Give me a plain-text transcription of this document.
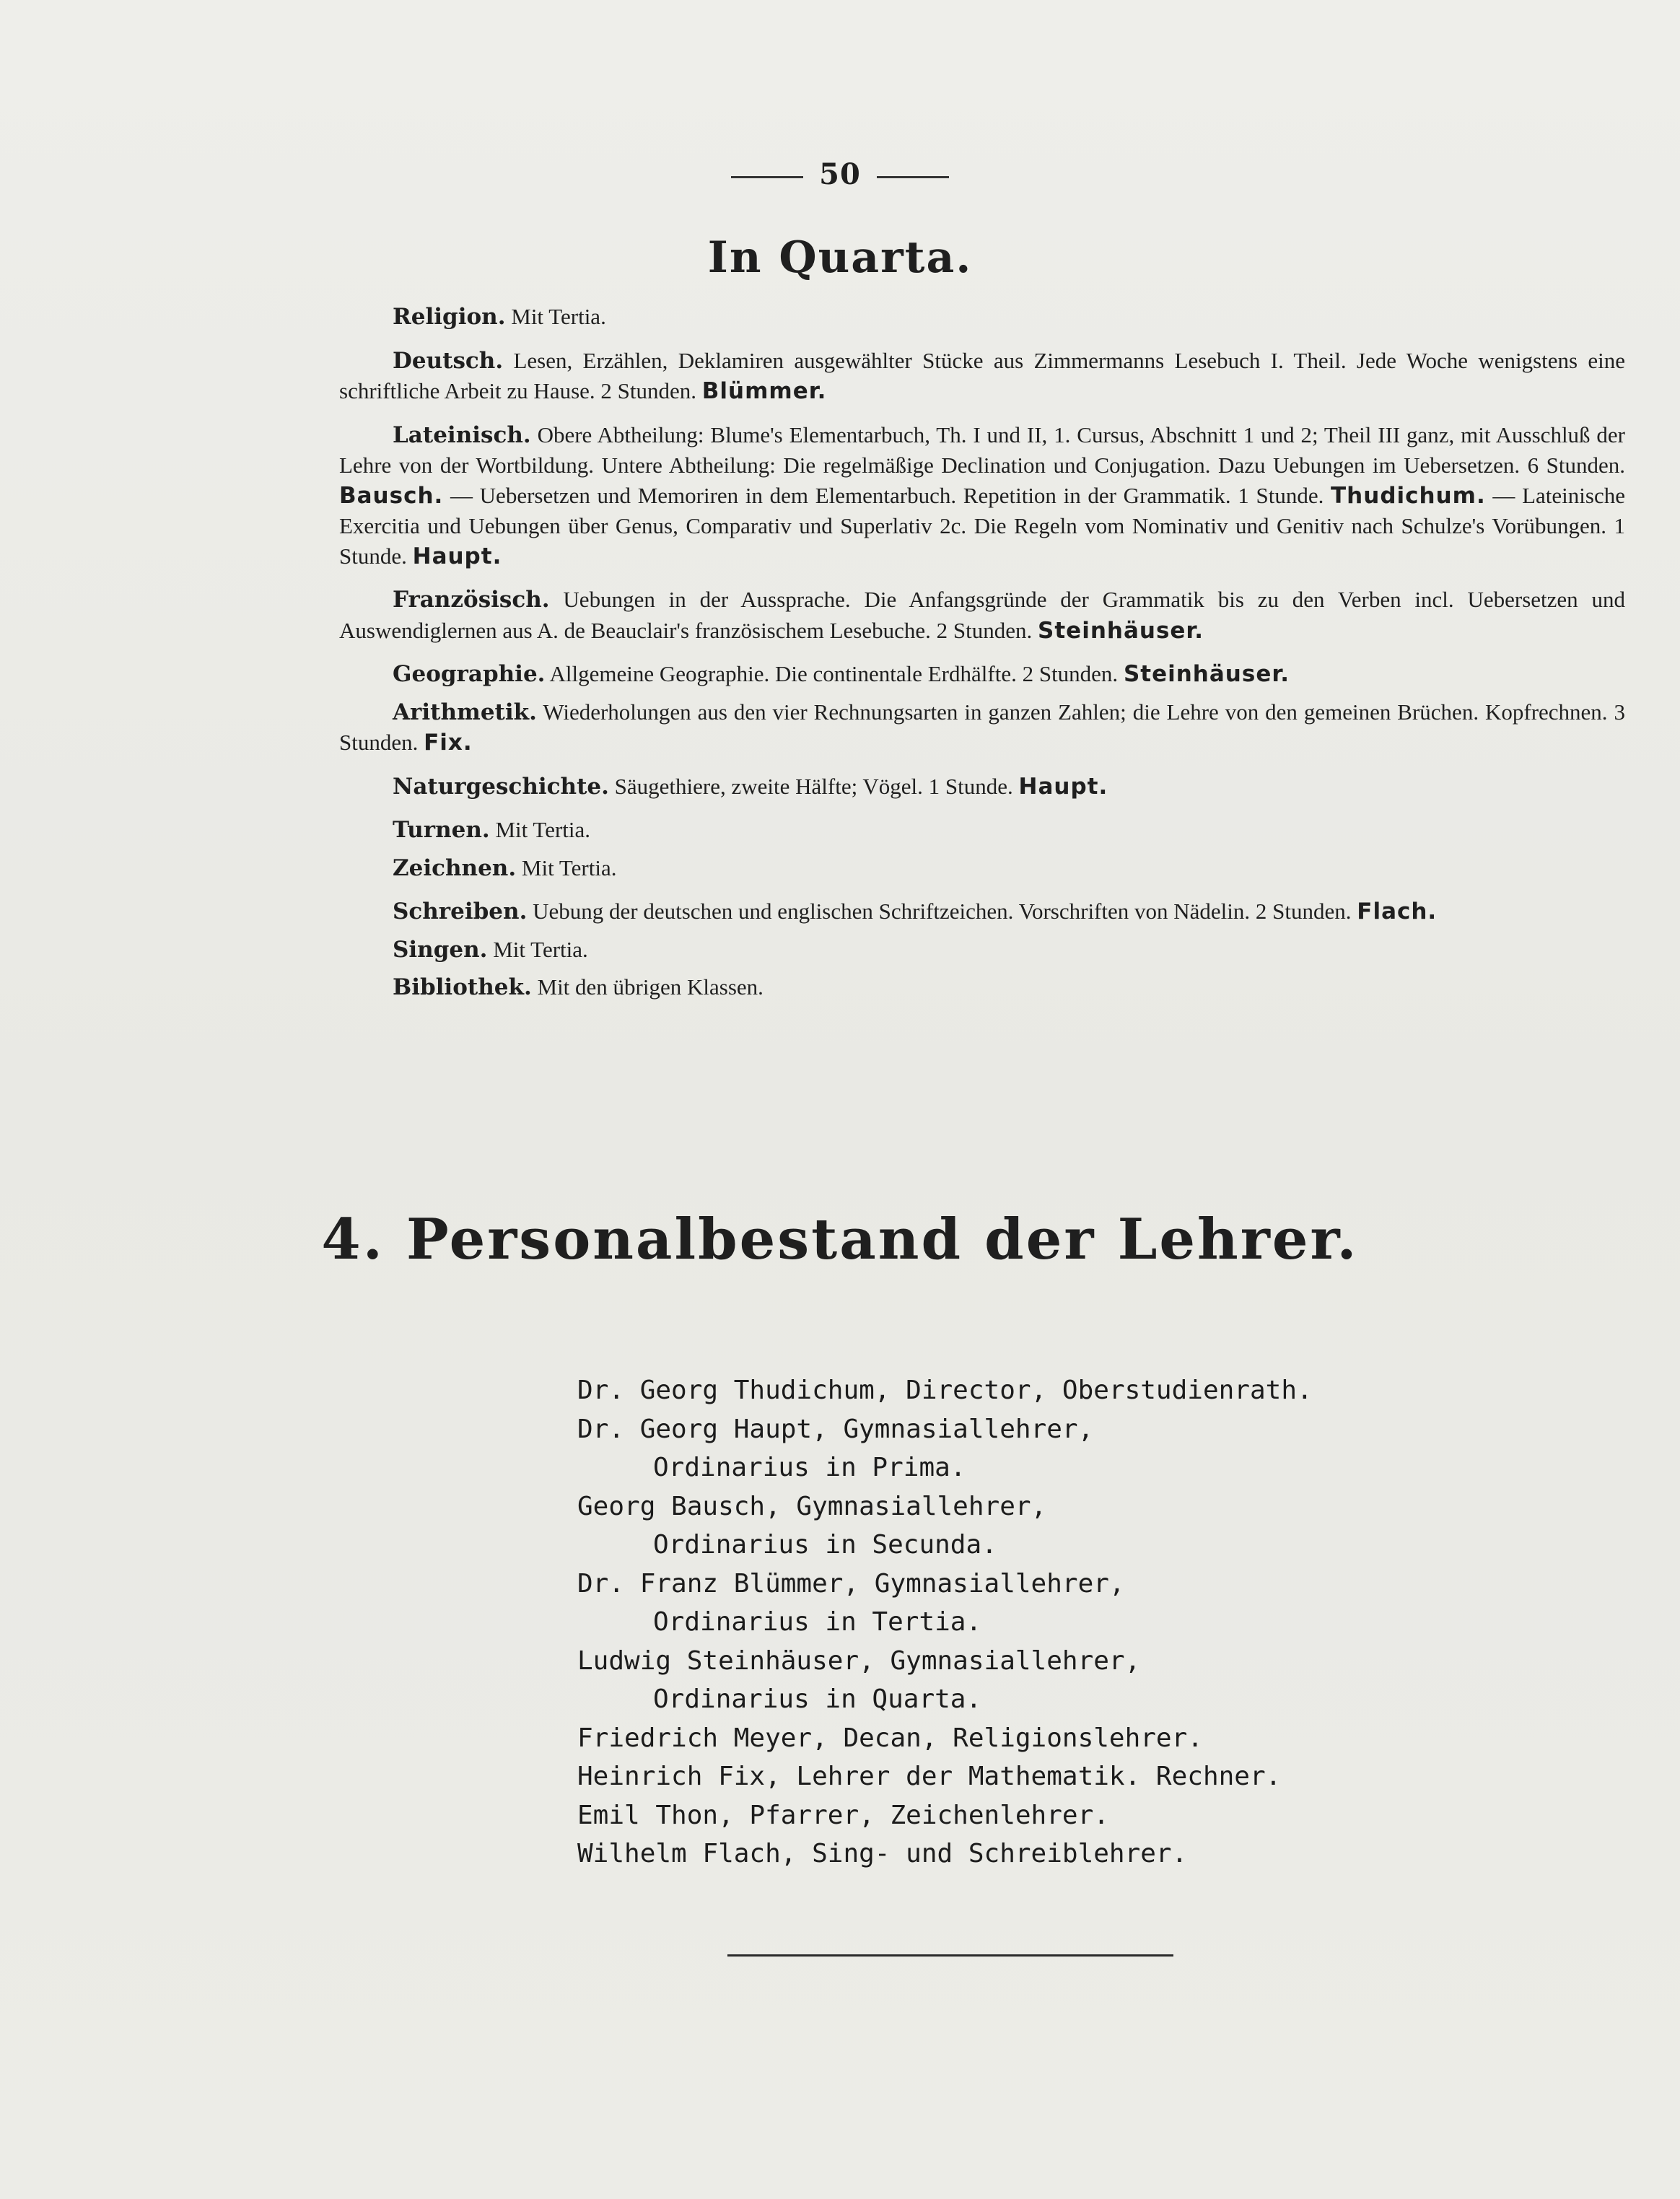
50
In Quarta.

Religion. Mit Tertia.

Deutsch. Lesen, Erzählen, Deklamiren ausgewählter Stücke aus Zimmermanns Lesebuch I. Theil. Jede Woche wenigstens eine schriftliche Arbeit zu Hause. 2 Stunden. Blümmer.

Lateinisch. Obere Abtheilung: Blume's Elementarbuch, Th. I und II, 1. Cursus, Abschnitt 1 und 2; Theil III ganz, mit Ausschluß der Lehre von der Wortbildung. Untere Abtheilung: Die regelmäßige Declination und Conjugation. Dazu Uebungen im Uebersetzen. 6 Stunden. Bausch. — Uebersetzen und Memoriren in dem Elementarbuch. Repetition in der Grammatik. 1 Stunde. Thudichum. — Lateinische Exercitia und Uebungen über Genus, Comparativ und Superlativ 2c. Die Regeln vom Nominativ und Genitiv nach Schulze's Vorübungen. 1 Stunde. Haupt.

Französisch. Uebungen in der Aussprache. Die Anfangsgründe der Grammatik bis zu den Verben incl. Uebersetzen und Auswendiglernen aus A. de Beauclair's französischem Lesebuche. 2 Stunden. Steinhäuser.

Geographie. Allgemeine Geographie. Die continentale Erdhälfte. 2 Stunden. Steinhäuser.

Arithmetik. Wiederholungen aus den vier Rechnungsarten in ganzen Zahlen; die Lehre von den gemeinen Brüchen. Kopfrechnen. 3 Stunden. Fix.

Naturgeschichte. Säugethiere, zweite Hälfte; Vögel. 1 Stunde. Haupt.

Turnen. Mit Tertia.

Zeichnen. Mit Tertia.

Schreiben. Uebung der deutschen und englischen Schriftzeichen. Vorschriften von Nädelin. 2 Stunden. Flach.

Singen. Mit Tertia.

Bibliothek. Mit den übrigen Klassen.

4. Personalbestand der Lehrer.
Dr. Georg Thudichum, Director, Oberstudienrath.
Dr. Georg Haupt, Gymnasiallehrer,
Ordinarius in Prima.
Georg Bausch, Gymnasiallehrer,
Ordinarius in Secunda.
Dr. Franz Blümmer, Gymnasiallehrer,
Ordinarius in Tertia.
Ludwig Steinhäuser, Gymnasiallehrer,
Ordinarius in Quarta.
Friedrich Meyer, Decan, Religionslehrer.
Heinrich Fix, Lehrer der Mathematik. Rechner.
Emil Thon, Pfarrer, Zeichenlehrer.
Wilhelm Flach, Sing- und Schreiblehrer.
